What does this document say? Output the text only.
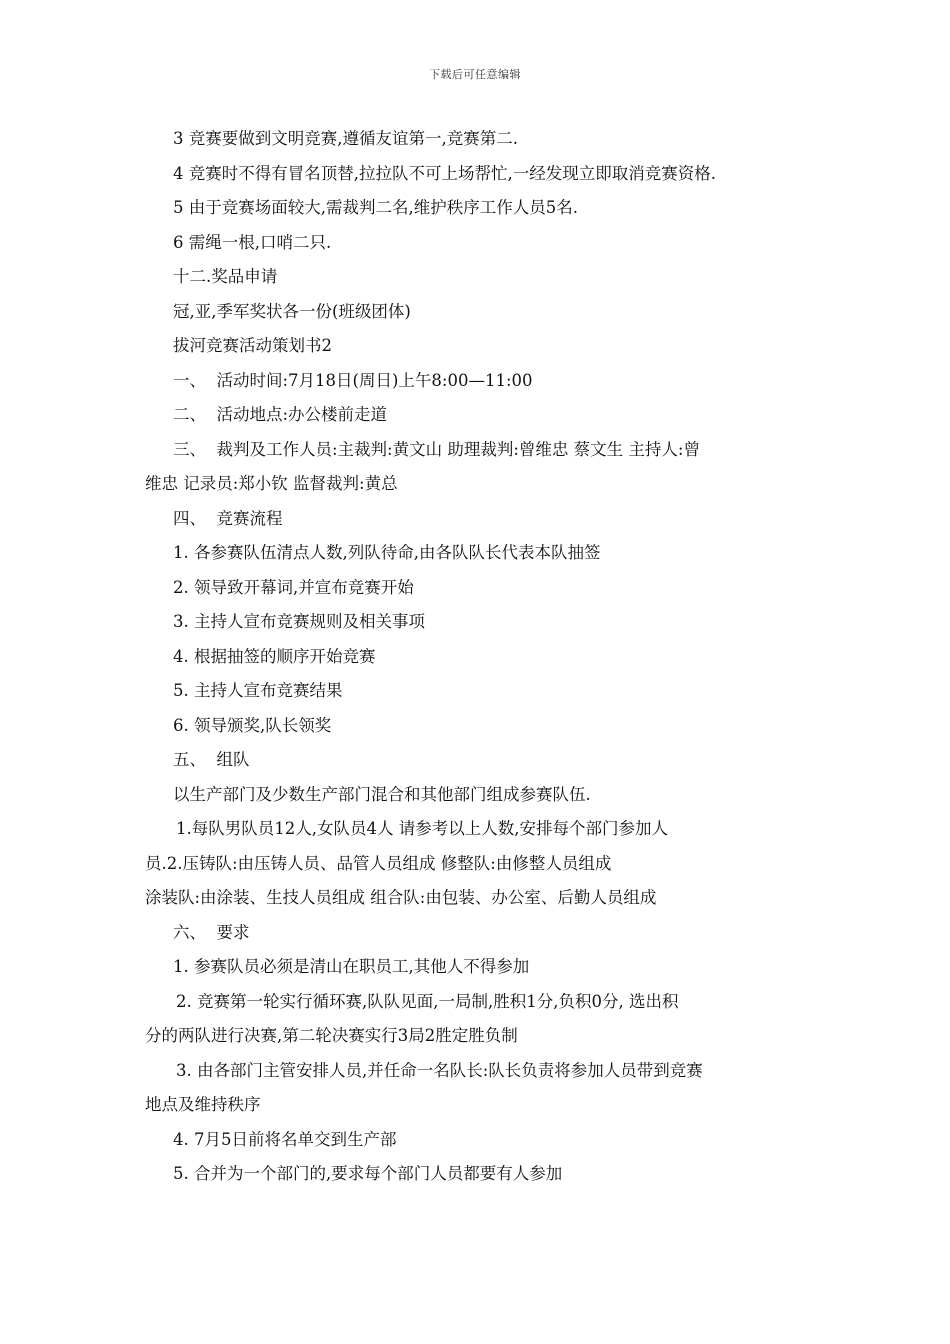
下载后可任意编辑
3 竞赛要做到文明竞赛,遵循友谊第一,竞赛第二.
4 竞赛时不得有冒名顶替,拉拉队不可上场帮忙,一经发现立即取消竞赛资格.
5 由于竞赛场面较大,需裁判二名,维护秩序工作人员5名.
6 需绳一根,口哨二只.
十二.奖品申请
冠,亚,季军奖状各一份(班级团体)
拔河竞赛活动策划书2
一、  活动时间:7月18日(周日)上午8:00—11:00
二、  活动地点:办公楼前走道
三、  裁判及工作人员:主裁判:黄文山 助理裁判:曾维忠 蔡文生 主持人:曾
维忠 记录员:郑小钦 监督裁判:黄总
四、  竞赛流程
1. 各参赛队伍清点人数,列队待命,由各队队长代表本队抽签
2. 领导致开幕词,并宣布竞赛开始
3. 主持人宣布竞赛规则及相关事项
4. 根据抽签的顺序开始竞赛
5. 主持人宣布竞赛结果
6. 领导颁奖,队长领奖
五、  组队
以生产部门及少数生产部门混合和其他部门组成参赛队伍.
1.每队男队员12人,女队员4人 请参考以上人数,安排每个部门参加人
员.2.压铸队:由压铸人员、品管人员组成 修整队:由修整人员组成
涂装队:由涂装、生技人员组成 组合队:由包装、办公室、后勤人员组成
六、  要求
1. 参赛队员必须是清山在职员工,其他人不得参加
2. 竞赛第一轮实行循环赛,队队见面,一局制,胜积1分,负积0分, 选出积
分的两队进行决赛,第二轮决赛实行3局2胜定胜负制
3. 由各部门主管安排人员,并任命一名队长:队长负责将参加人员带到竞赛
地点及维持秩序
4. 7月5日前将名单交到生产部
5. 合并为一个部门的,要求每个部门人员都要有人参加
